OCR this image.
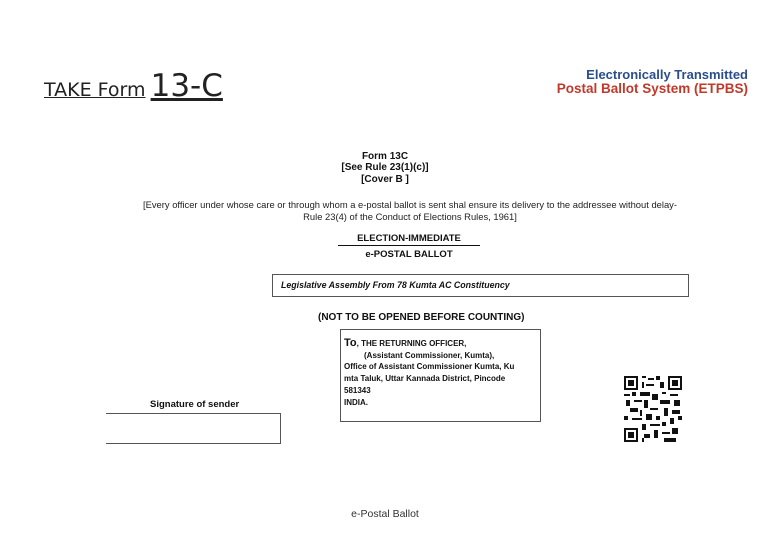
TAKE Form 13-C	Electronically Transmitted
Postal Ballot System (ETPBS)
Form 13C
[See Rule 23(1)(c)]
[Cover B ]
[Every officer under whose care or through whom a e-postal ballot is sent shal ensure its delivery to the addressee without delay-
Rule 23(4) of the Conduct of Elections Rules, 1961]
ELECTION-IMMEDIATE
e-POSTAL BALLOT
Legislative Assembly From 78 Kumta AC Constituency
(NOT TO BE OPENED BEFORE COUNTING)
To, THE RETURNING OFFICER,
(Assistant Commissioner, Kumta),
Office of Assistant Commissioner Kumta, Ku
mta Taluk, Uttar Kannada District, Pincode
581343
INDIA.
Signature of sender
e-Postal Ballot
